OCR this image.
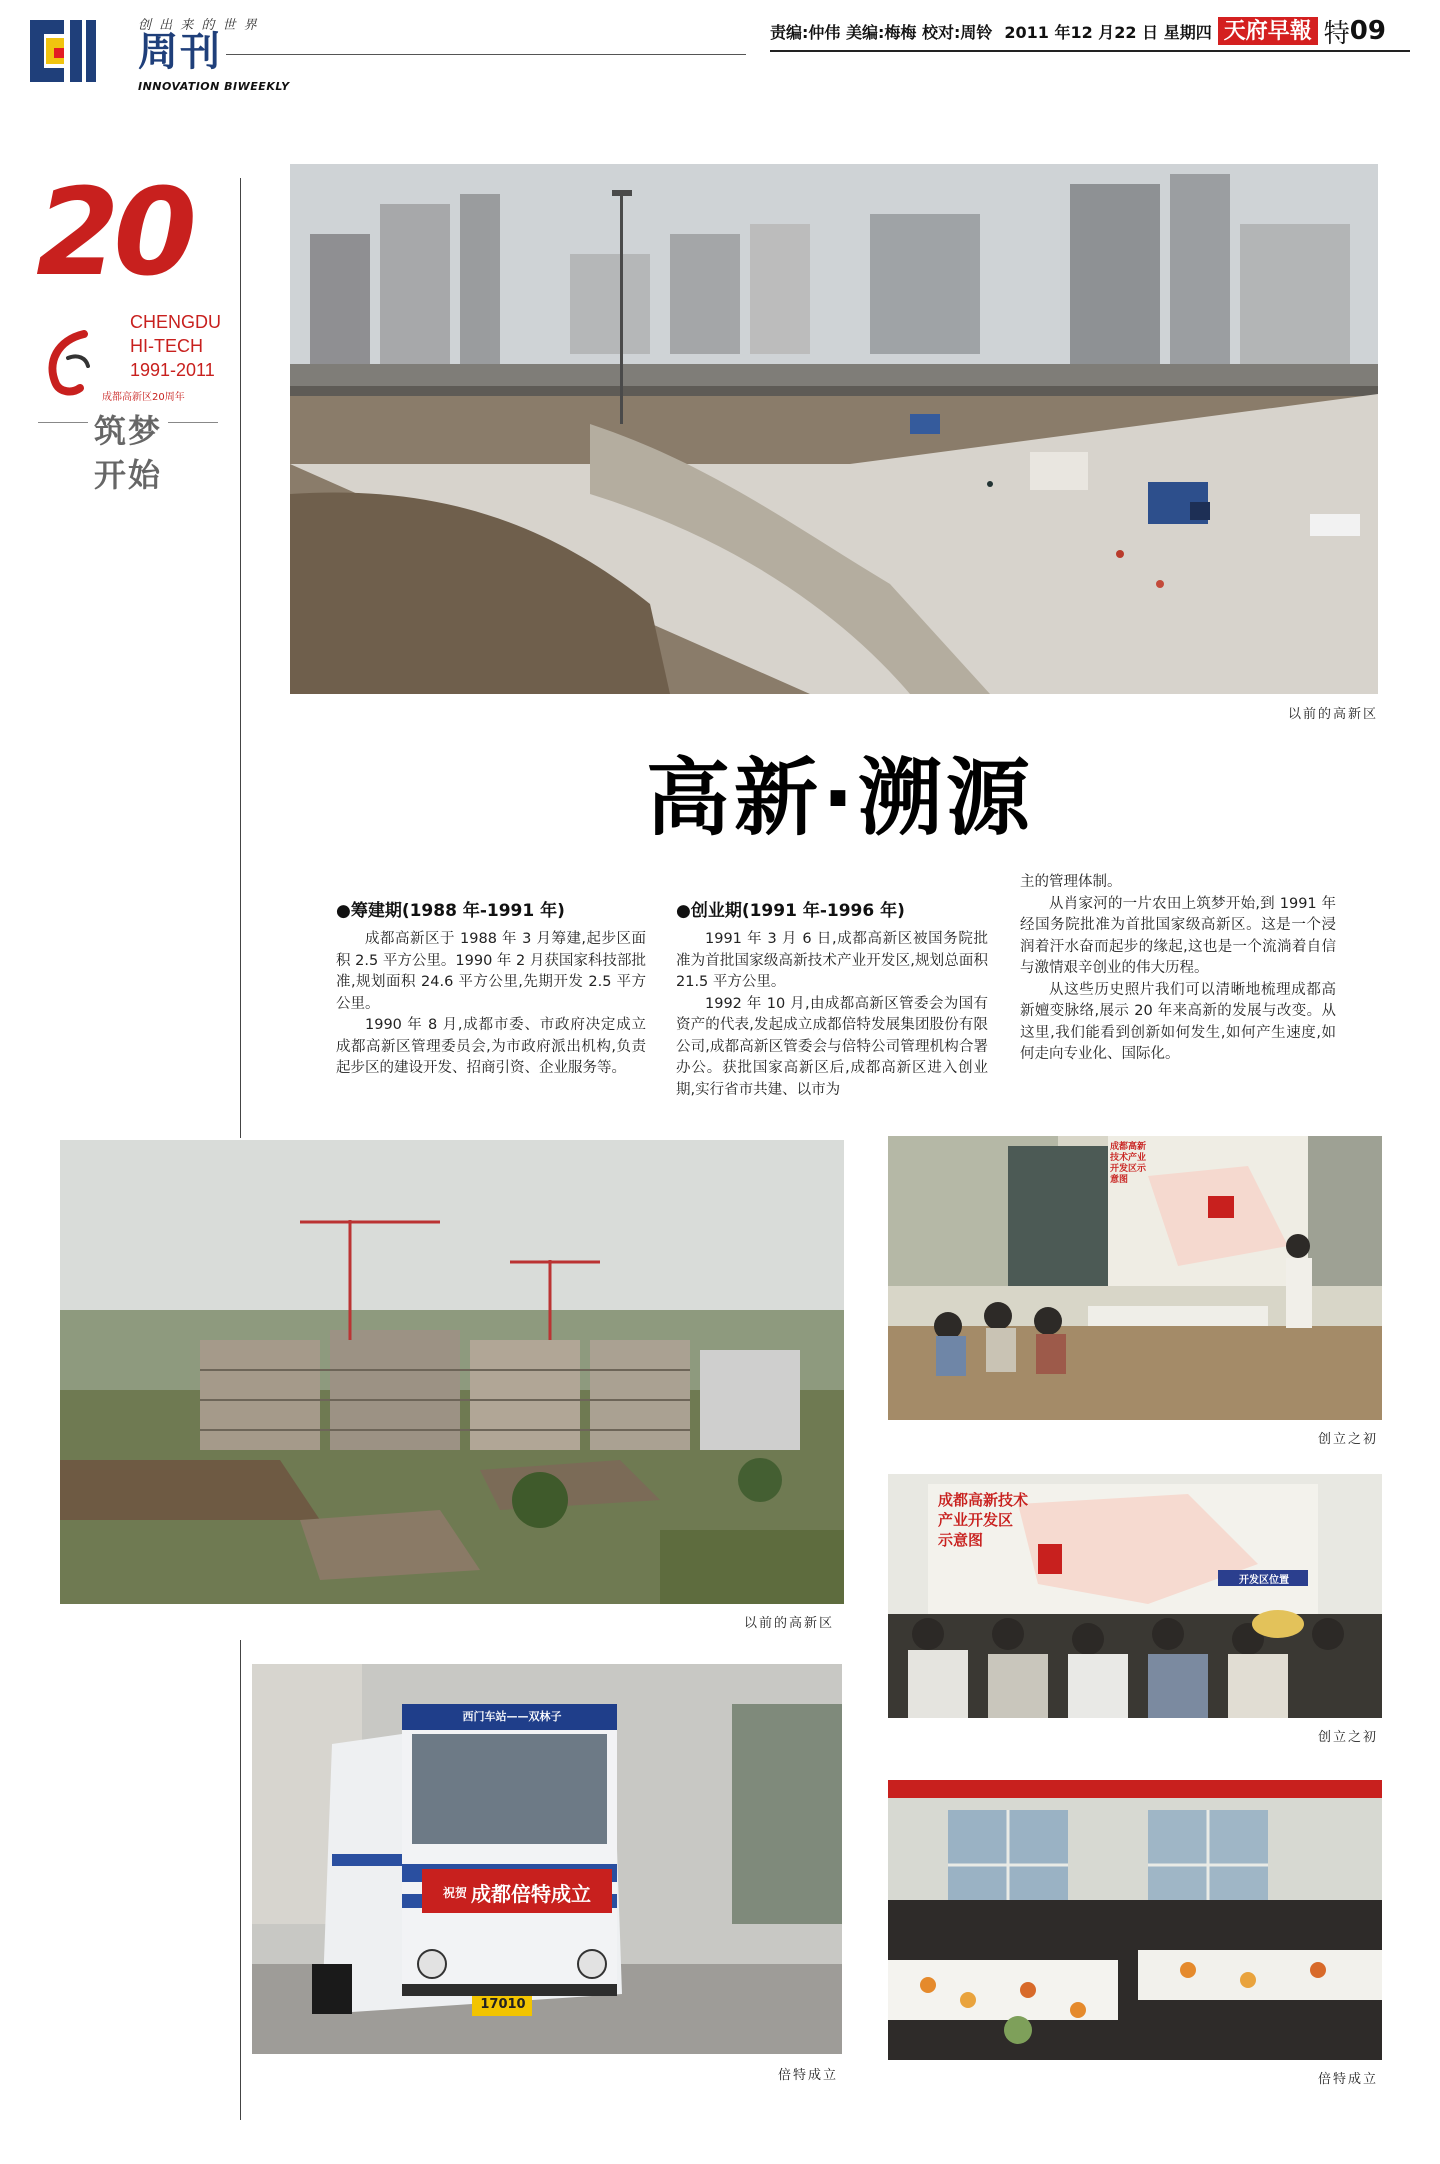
创 出 来 的 世 界
周刊
INNOVATION BIWEEKLY
责编:仲伟 美编:梅梅 校对:周铃 2011 年12 月22 日 星期四 天府早報 特 09
20
CHENGDU
HI-TECH
1991-2011
成都高新区20周年
筑梦
开始
以前的高新区
高新·溯源
●筹建期(1988 年-1991 年)

成都高新区于 1988 年 3 月筹建,起步区面积 2.5 平方公里。1990 年 2 月获国家科技部批准,规划面积 24.6 平方公里,先期开发 2.5 平方公里。

1990 年 8 月,成都市委、市政府决定成立成都高新区管理委员会,为市政府派出机构,负责起步区的建设开发、招商引资、企业服务等。

●创业期(1991 年-1996 年)

1991 年 3 月 6 日,成都高新区被国务院批准为首批国家级高新技术产业开发区,规划总面积 21.5 平方公里。

1992 年 10 月,由成都高新区管委会为国有资产的代表,发起成立成都倍特发展集团股份有限公司,成都高新区管委会与倍特公司管理机构合署办公。获批国家高新区后,成都高新区进入创业期,实行省市共建、以市为

主的管理体制。

从肖家河的一片农田上筑梦开始,到 1991 年经国务院批准为首批国家级高新区。这是一个浸润着汗水奋而起步的缘起,这也是一个流淌着自信与激情艰辛创业的伟大历程。

从这些历史照片我们可以清晰地梳理成都高新嬗变脉络,展示 20 年来高新的发展与改变。从这里,我们能看到创新如何发生,如何产生速度,如何走向专业化、国际化。

以前的高新区
西门车站——双林子
祝贺 成都倍特成立
17010
倍特成立
成都高新技术产业开发区示意图
创立之初
成都高新技术
产业开发区
示意图
开发区位置
创立之初
倍特成立
